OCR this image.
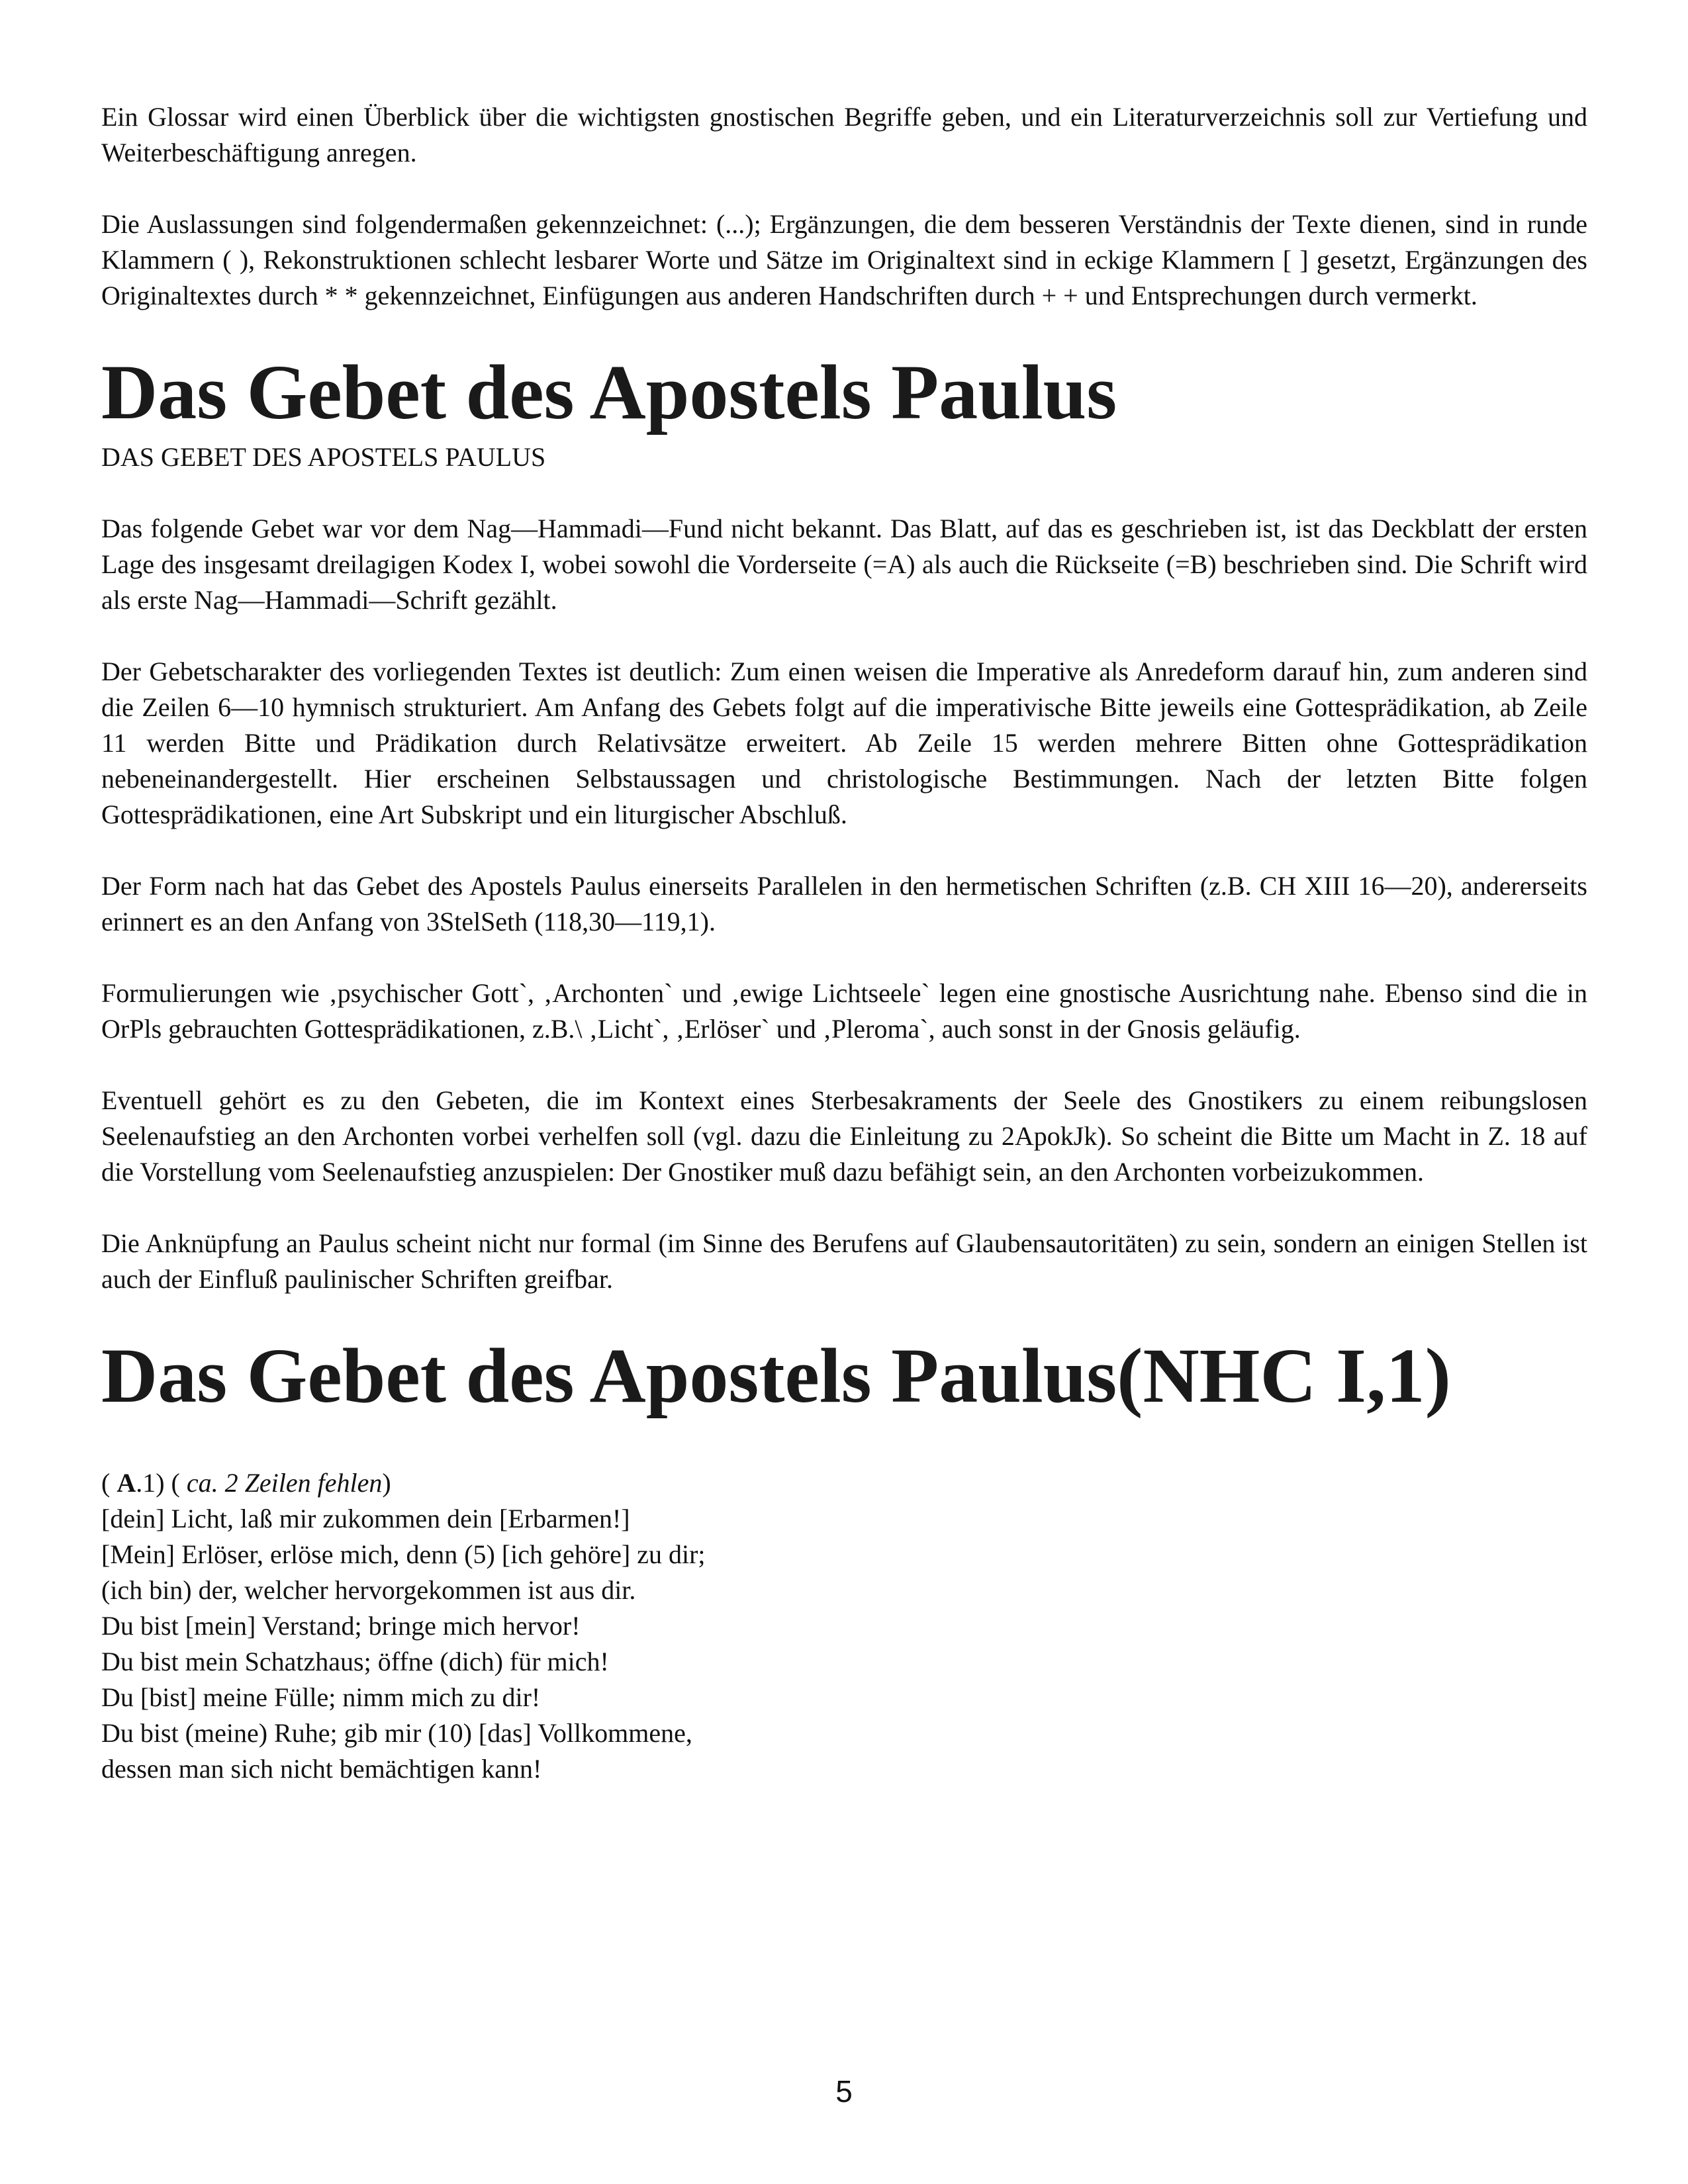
Ein Glossar wird einen Überblick über die wichtigsten gnostischen Begriffe geben, und ein Literaturverzeichnis soll zur Vertiefung und Weiterbeschäftigung anregen.

Die Auslassungen sind folgendermaßen gekennzeichnet: (...); Ergänzungen, die dem besseren Verständnis der Texte dienen, sind in runde Klammern ( ), Rekonstruktionen schlecht lesbarer Worte und Sätze im Originaltext sind in eckige Klammern [ ] gesetzt, Ergänzungen des Originaltextes durch * * gekennzeichnet, Einfügungen aus anderen Handschriften durch + + und Entsprechungen durch vermerkt.

Das Gebet des Apostels Paulus
DAS GEBET DES APOSTELS PAULUS

Das folgende Gebet war vor dem Nag—Hammadi—Fund nicht bekannt. Das Blatt, auf das es geschrieben ist, ist das Deckblatt der ersten Lage des insgesamt dreilagigen Kodex I, wobei sowohl die Vorderseite (=A) als auch die Rückseite (=B) beschrieben sind. Die Schrift wird als erste Nag—Hammadi—Schrift gezählt.

Der Gebetscharakter des vorliegenden Textes ist deutlich: Zum einen weisen die Imperative als Anredeform darauf hin, zum anderen sind die Zeilen 6—10 hymnisch strukturiert. Am Anfang des Gebets folgt auf die imperativische Bitte jeweils eine Gottesprädikation, ab Zeile 11 werden Bitte und Prädikation durch Relativsätze erweitert. Ab Zeile 15 werden mehrere Bitten ohne Gottesprädikation nebeneinandergestellt. Hier erscheinen Selbstaussagen und christologische Bestimmungen. Nach der letzten Bitte folgen Gottesprädikationen, eine Art Subskript und ein liturgischer Abschluß.

Der Form nach hat das Gebet des Apostels Paulus einerseits Parallelen in den hermetischen Schriften (z.B. CH XIII 16—20), andererseits erinnert es an den Anfang von 3StelSeth (118,30—119,1).

Formulierungen wie ‚psychischer Gott`, ‚Archonten` und ‚ewige Lichtseele` legen eine gnostische Ausrichtung nahe. Ebenso sind die in OrPls gebrauchten Gottesprädikationen, z.B.\ ‚Licht`, ‚Erlöser` und ‚Pleroma`, auch sonst in der Gnosis geläufig.

Eventuell gehört es zu den Gebeten, die im Kontext eines Sterbesakraments der Seele des Gnostikers zu einem reibungslosen Seelenaufstieg an den Archonten vorbei verhelfen soll (vgl. dazu die Einleitung zu 2ApokJk). So scheint die Bitte um Macht in Z. 18 auf die Vorstellung vom Seelenaufstieg anzuspielen: Der Gnostiker muß dazu befähigt sein, an den Archonten vorbeizukommen.

Die Anknüpfung an Paulus scheint nicht nur formal (im Sinne des Berufens auf Glaubensautoritäten) zu sein, sondern an einigen Stellen ist auch der Einfluß paulinischer Schriften greifbar.

Das Gebet des Apostels Paulus(NHC I,1)
( A.1) ( ca. 2 Zeilen fehlen)
[dein] Licht, laß mir zukommen dein [Erbarmen!]
[Mein] Erlöser, erlöse mich, denn (5) [ich gehöre] zu dir;
(ich bin) der, welcher hervorgekommen ist aus dir.
Du bist [mein] Verstand; bringe mich hervor!
Du bist mein Schatzhaus; öffne (dich) für mich!
Du [bist] meine Fülle; nimm mich zu dir!
Du bist (meine) Ruhe; gib mir (10) [das] Vollkommene,
dessen man sich nicht bemächtigen kann!
5
